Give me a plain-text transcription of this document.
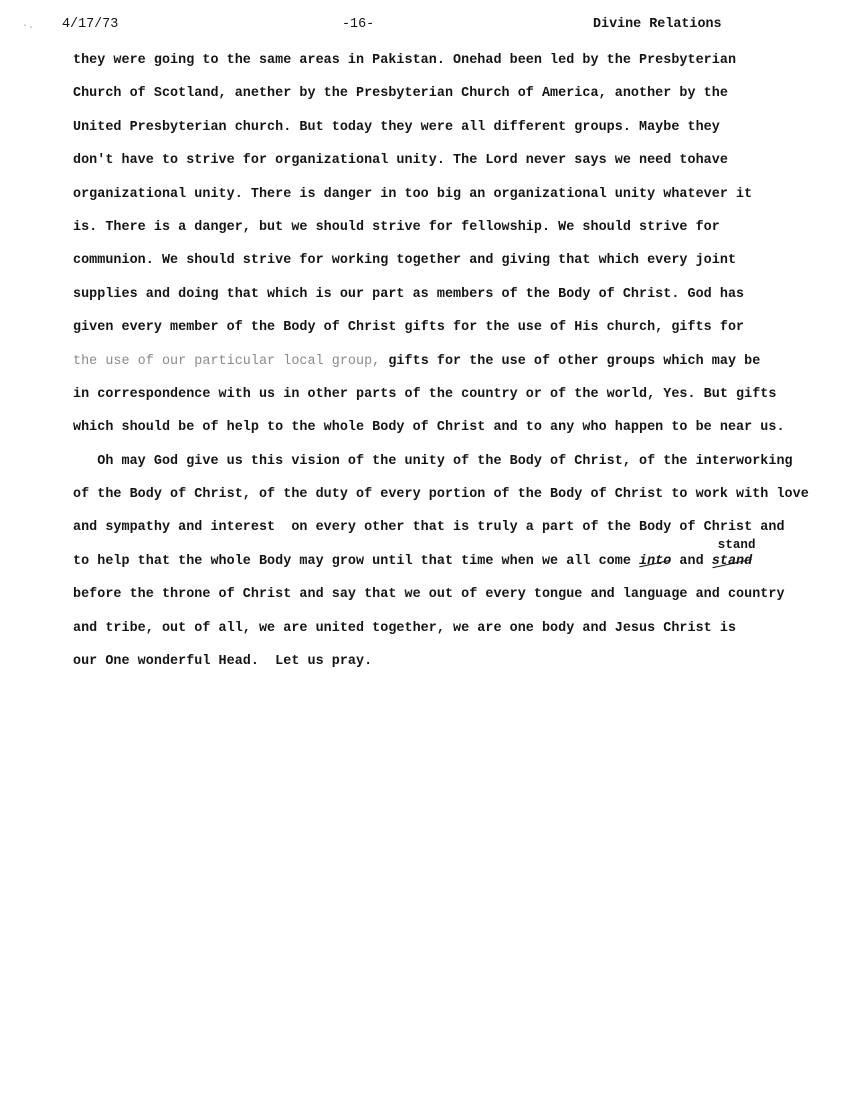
·. 4/17/73	-16-	Divine Relations
they were going to the same areas in Pakistan. Onehad been led by the Presbyterian
Church of Scotland, anether by the Presbyterian Church of America, another by the
United Presbyterian church. But today they were all different groups. Maybe they
don't have to strive for organizational unity. The Lord never says we need tohave
organizational unity. There is danger in too big an organizational unity whatever it
is. There is a danger, but we should strive for fellowship. We should strive for
communion. We should strive for working together and giving that which every joint
supplies and doing that which is our part as members of the Body of Christ. God has
given every member of the Body of Christ gifts for the use of His church, gifts for
the use of our particular local group, gifts for the use of other groups which may be
in correspondence with us in other parts of the country or of the world, Yes. But gifts
which should be of help to the whole Body of Christ and to any who happen to be near us.
Oh may God give us this vision of the unity of the Body of Christ, of the interworking
of the Body of Christ, of the duty of every portion of the Body of Christ to work with love
and sympathy and interest  on every other that is truly a part of the Body of Christ and
to help that the whole Body may grow until that time when we all come into and
stand
stand
before the throne of Christ and say that we out of every tongue and language and country
and tribe, out of all, we are united together, we are one body and Jesus Christ is
our One wonderful Head.  Let us pray.
